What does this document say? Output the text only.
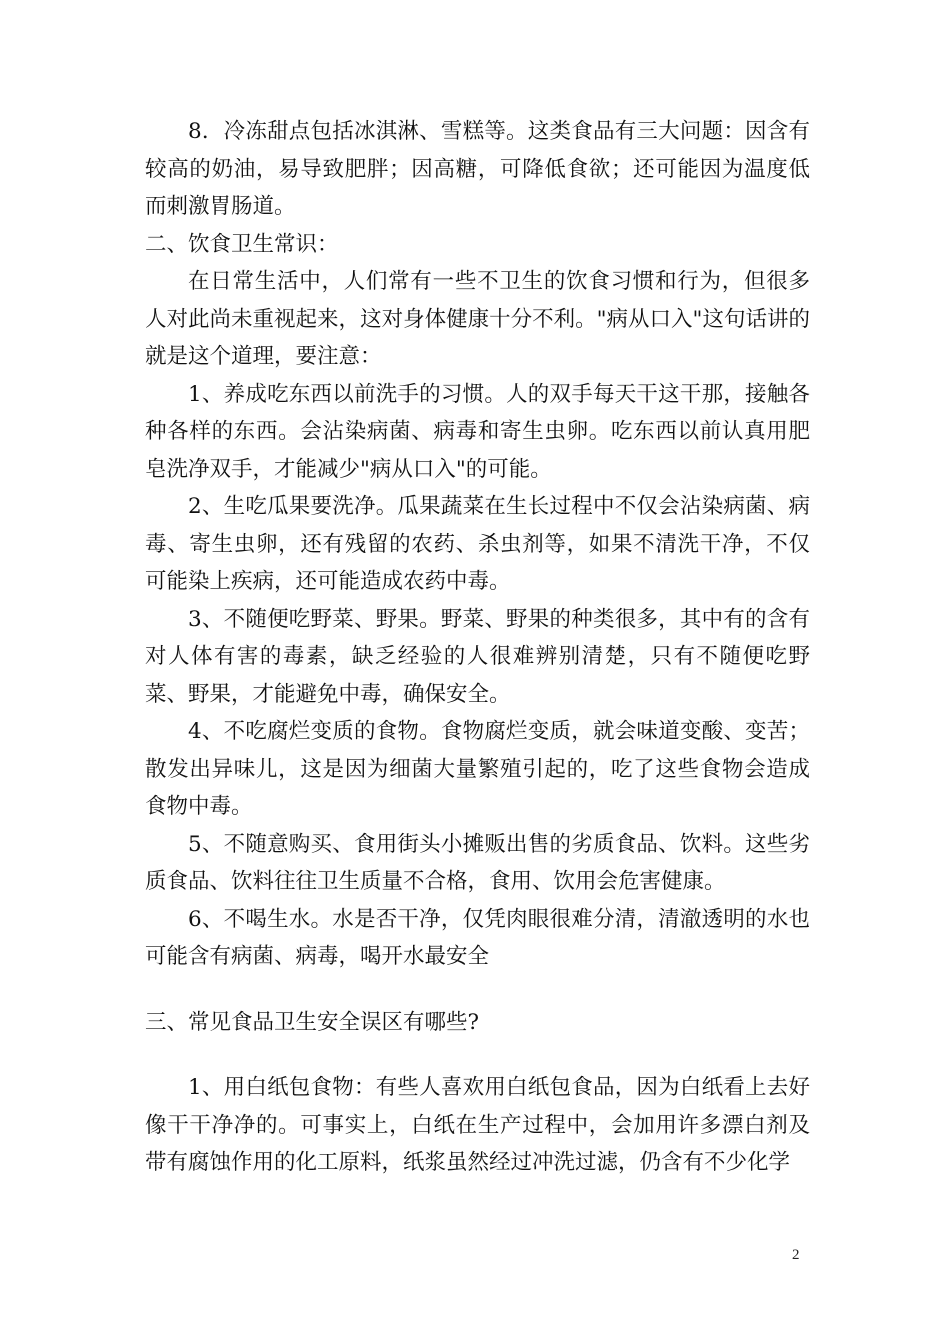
8．冷冻甜点包括冰淇淋、雪糕等。这类食品有三大问题：因含有较高的奶油，易导致肥胖；因高糖，可降低食欲；还可能因为温度低而刺激胃肠道。

二、饮食卫生常识：

在日常生活中，人们常有一些不卫生的饮食习惯和行为，但很多人对此尚未重视起来，这对身体健康十分不利。"病从口入"这句话讲的就是这个道理，要注意：

1、养成吃东西以前洗手的习惯。人的双手每天干这干那，接触各种各样的东西。会沾染病菌、病毒和寄生虫卵。吃东西以前认真用肥皂洗净双手，才能减少"病从口入"的可能。

2、生吃瓜果要洗净。瓜果蔬菜在生长过程中不仅会沾染病菌、病毒、寄生虫卵，还有残留的农药、杀虫剂等，如果不清洗干净，不仅可能染上疾病，还可能造成农药中毒。

3、不随便吃野菜、野果。野菜、野果的种类很多，其中有的含有对人体有害的毒素，缺乏经验的人很难辨别清楚，只有不随便吃野菜、野果，才能避免中毒，确保安全。

4、不吃腐烂变质的食物。食物腐烂变质，就会味道变酸、变苦；散发出异味儿，这是因为细菌大量繁殖引起的，吃了这些食物会造成食物中毒。

5、不随意购买、食用街头小摊贩出售的劣质食品、饮料。这些劣质食品、饮料往往卫生质量不合格，食用、饮用会危害健康。

6、不喝生水。水是否干净，仅凭肉眼很难分清，清澈透明的水也可能含有病菌、病毒，喝开水最安全

三、常见食品卫生安全误区有哪些?

1、用白纸包食物：有些人喜欢用白纸包食品，因为白纸看上去好像干干净净的。可事实上，白纸在生产过程中，会加用许多漂白剂及带有腐蚀作用的化工原料，纸浆虽然经过冲洗过滤，仍含有不少化学

2
